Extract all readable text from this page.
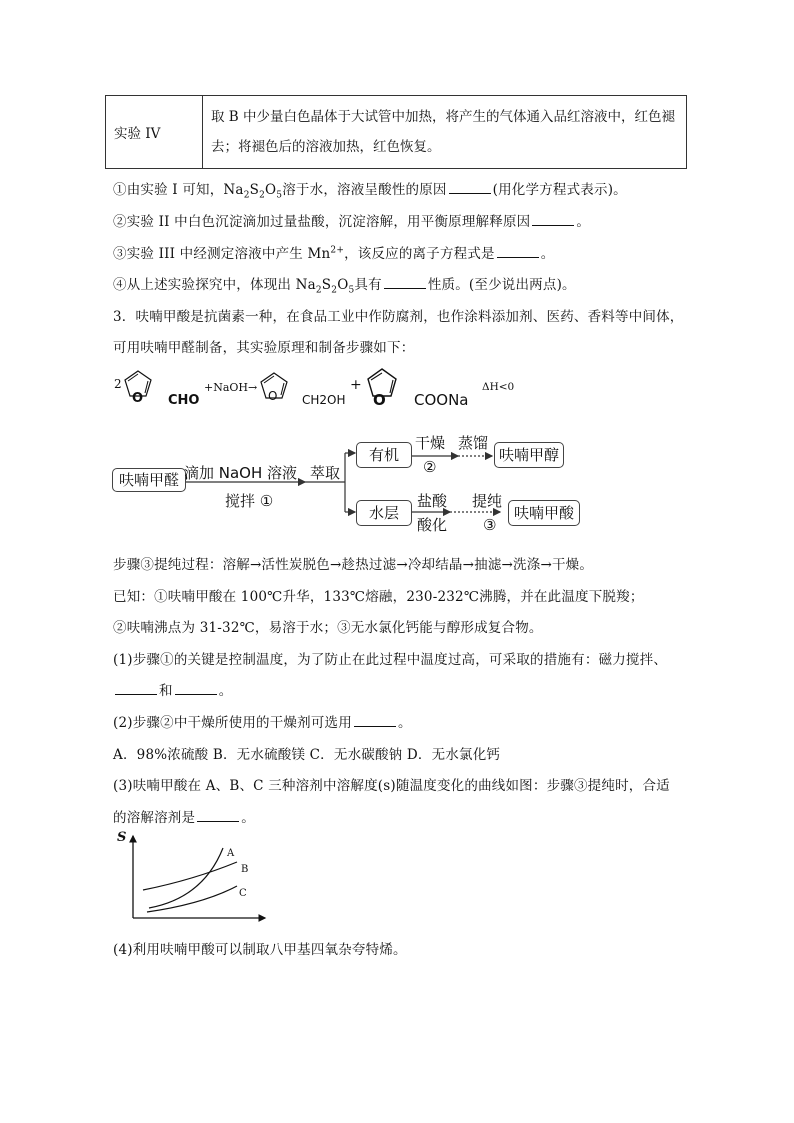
实验 IV	
取 B 中少量白色晶体于大试管中加热，将产生的气体通入品红溶液中，红色褪
去；将褪色后的溶液加热，红色恢复。
①由实验 I 可知，$Na_2S_2O_5$溶于水，溶液呈酸性的原因	(用化学方程式表示)。
②实验 II 中白色沉淀滴加过量盐酸，沉淀溶解，用平衡原理解释原因	。
③实验 III 中经测定溶液中产生 $Mn^{2+}$，该反应的离子方程式是	。
④从上述实验探究中，体现出 $Na_2S_2O_5$具有	性质。(至少说出两点)。
3．呋喃甲酸是抗菌素一种，在食品工业中作防腐剂，也作涂料添加剂、医药、香料等中间体，
可用呋喃甲醛制备，其实验原理和制备步骤如下：
2
O CHO
+NaOH→
O CH2OH
+
O COONa
ΔH<0
呋喃甲醛 滴加 NaOH 溶液
搅拌 ①
萃取
有机
干燥
②
蒸馏
呋喃甲醇
水层
盐酸
酸化
提纯
③
呋喃甲酸
步骤③提纯过程：溶解→活性炭脱色→趁热过滤→冷却结晶→抽滤→洗涤→干燥。
已知：①呋喃甲酸在 100℃升华，133℃熔融，230-232℃沸腾，并在此温度下脱羧；
②呋喃沸点为 31-32℃，易溶于水；③无水氯化钙能与醇形成复合物。
(1)步骤①的关键是控制温度，为了防止在此过程中温度过高，可采取的措施有：磁力搅拌、
和	。
(2)步骤②中干燥所使用的干燥剂可选用	。
A．98%浓硫酸 B．无水硫酸镁 C．无水碳酸钠 D．无水氯化钙
(3)呋喃甲酸在 A、B、C 三种溶剂中溶解度(s)随温度变化的曲线如图：步骤③提纯时，合适
的溶解溶剂是	。
S
A
B
C
(4)利用呋喃甲酸可以制取八甲基四氧杂夸特烯。
